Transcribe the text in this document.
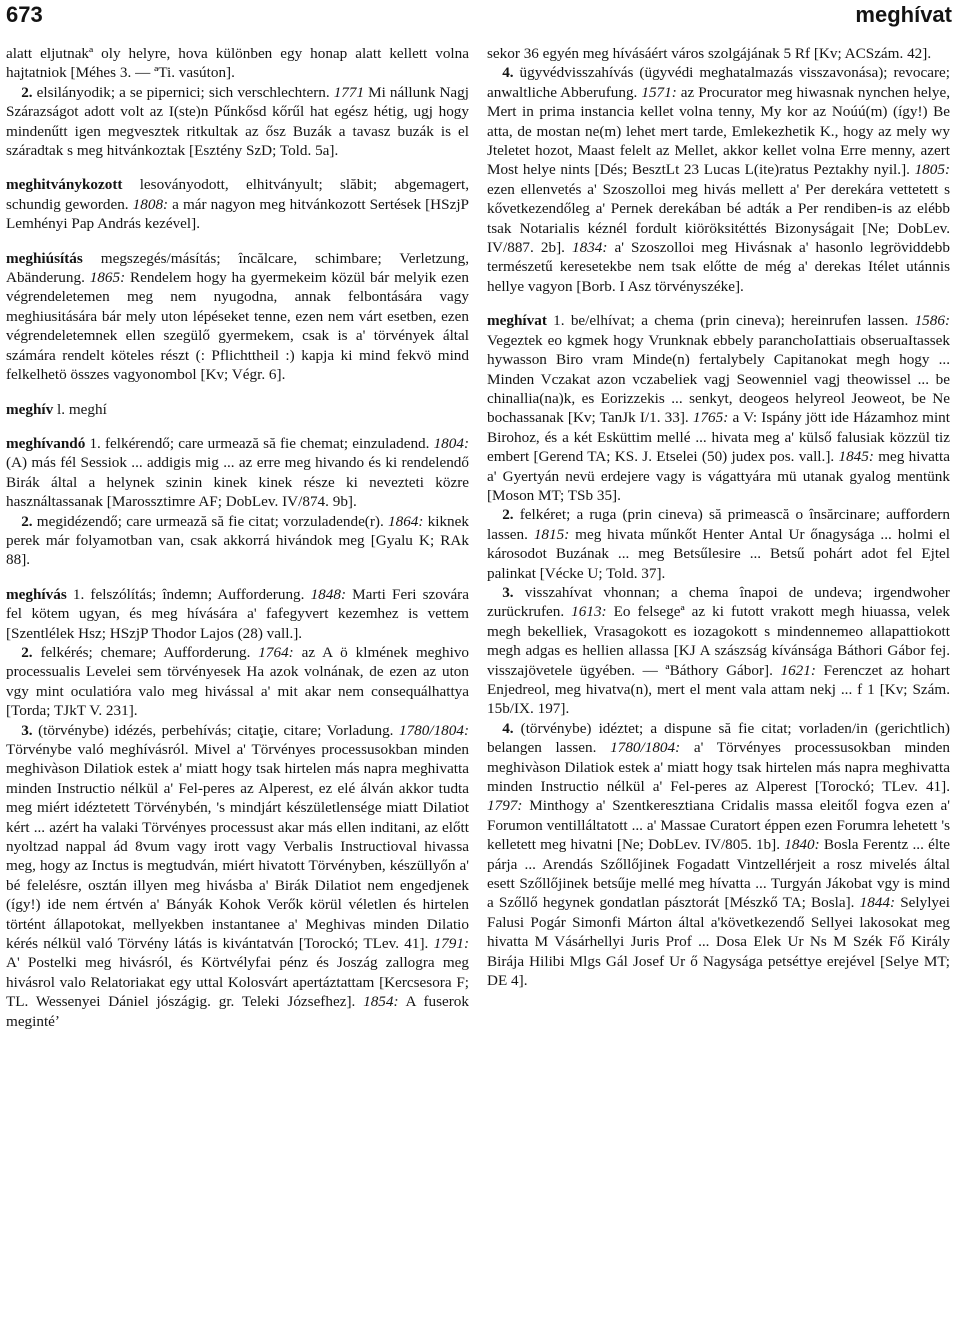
673	meghívat

alatt eljutnakª oly helyre, hova különben egy honap alatt kellett volna hajtatniok [Méhes 3. — ªTi. vasúton].
 2. elsilányodik; a se pipernici; sich verschlechtern. 1771 Mi nállunk Nagj Szárazságot adott volt az I(ste)n Pűnkősd kőrűl hat egész hétig, ugj hogy mindenűtt igen megvesztek ritkultak az ősz Buzák a tavasz buzák is el száradtak s meg hitvánkoztak [Eszténу SzD; Told. 5a].

meghitványkozott lesoványodott, elhitványult; slăbit; abgemagert, schundig geworden. 1808: a már nagyon meg hitvánkozott Sertések [HSzjP Lemhényi Pap András kezével].

meghiúsítás megszegés/másítás; încălcare, schimbare; Verletzung, Abänderung. 1865: Rendelem hogy ha gyermekeim közül bár melyik ezen végrendeletemen meg nem nyugodna, annak felbontására vagy meghiusitására bár mely uton lépéseket tenne, ezen nem várt esetben, ezen végrendeletemnek ellen szegülő gyermekem, csak is a' törvények által számára rendelt köteles részt (: Pflichttheil :) kapja ki mind fekvö mind felkelhetö összes vagyonombol [Kv; Végr. 6].

meghív l. meghí

meghívandó 1. felkérendő; care urmează să fie chemat; einzuladend. 1804: (A) más fél Sessiok ... addigis mig ... az erre meg hivando és ki rendelendő Birák által a helynek szinin kinek kinek része ki nevezteti közre használtassanak [Marossztimre AF; DobLev. IV/874. 9b].
 2. megidézendő; care urmează să fie citat; vorzuladende(r). 1864: kiknek perek már folyamotban van, csak akkorrá hivándok meg [Gyalu K; RAk 88].

meghívás 1. felszólítás; îndemn; Aufforderung. 1848: Marti Feri szovára fel kötem ugyan, és meg hívására a' fafegyvert kezemhez is vettem [Szentlélek Hsz; HSzjP Thodor Lajos (28) vall.].
 2. felkérés; chemare; Aufforderung. 1764: az A ö klmének meghivo processualis Levelei sem törvényesek Ha azok volnának, de ezen az uton vgy mint oculatióra valo meg hivással a' mit akar nem consequálhattya [Torda; TJkT V. 231].
 3. (törvénybe) idézés, perbehívás; citaţie, citare; Vorladung. 1780/1804: Törvénybe való meghívásról. Mivel a' Törvényes processusokban minden meghivàson Dilatiok estek a' miatt hogy tsak hirtelen más napra meghivatta minden Instructio nélkül a' Fel-peres az Alperest, ez elé álván akkor tudta meg miért idéztetett Törvénybén, 's mindjárt készületlensége miatt Dilatiot kért ... azért ha valaki Törvényes processust akar más ellen inditani, az előtt nyoltzad nappal ád 8vum vagy irott vagy Verbalis Instructioval hivassa meg, hogy az Inctus is megtudván, miért hivatott Törvényben, készüllyőn a' bé felelésre, osztán illyen meg hivásba a' Birák Dilatiot nem engedjenek (így!) ide nem értvén a' Bányák Kohok Verők körül véletlen és hirtelen történt állapotokat, mellyekben instantanee a' Meghivas minden Dilatio kérés nélkül való Törvény látás is kivántatván [Torockó; TLev. 41]. 1791: A' Postelki meg hivásról, és Körtvélyfai pénz és Joszág zallogra meg hivásrol valo Relatoriakat egy uttal Kolosvárt apertáztattam [Kercsesora F; TL. Wessenyei Dániel jószágig. gr. Teleki Józsefhez]. 1854: A fuserok megintéʼ

sekor 36 egyén meg hívásáért város szolgájának 5 Rf [Kv; ACSzám. 42].
 4. ügyvédvisszahívás (ügyvédi meghatalmazás visszavonása); revocare; anwaltliche Abberufung. 1571: az Procurator meg hiwasnak nynchen helye, Mert in prima instancia kellet volna tenny, My kor az Noúú(m) (így!) Be atta, de mostan ne(m) lehet mert tarde, Emlekezhetik K., hogy az mely wy Jteletet hozot, Maast felelt az Mellet, akkor kellet volna Erre menny, azert Most helye nints [Dés; BesztLt 23 Lucas L(ite)ratus Peztakhy nyil.]. 1805: ezen ellenvetés a' Szoszolloi meg hivás mellett a' Per derekára vettetett s kővetkezendőleg a' Pernek derekában bé adták a Per rendiben-is az elébb tsak Notarialis kéznél fordult kiöröksitéttés Bizonyságait [Ne; DobLev. IV/887. 2b]. 1834: a' Szoszolloi meg Hivásnak a' hasonlo legröviddebb természetű keresetekbe nem tsak előtte de még a' derekas Itélet utánnis hellye vagyon [Borb. I Asz törvényszéke].

meghívat 1. be/elhívat; a chema (prin cineva); hereinrufen lassen. 1586: Vegeztek eo kgmek hogy Vrunknak ebbely paranchoIattiais obseruaItassek hywasson Biro vram Minde(n) fertalybely Capitanokat megh hogy ... Minden Vczakat azon vczabeliek vagj Seowenniel vagj theowissel ... be chinallia(na)k, es Eorizzekis ... senkyt, deogeos helyreol Jeoweot, be Ne bochassanak [Kv; TanJk I/1. 33]. 1765: a V: Ispány jött ide Házamhoz mint Birohoz, és a két Esküttim mellé ... hivata meg a' külső falusiak közzül tiz embert [Gerend TA; KS. J. Etselei (50) judex pos. vall.]. 1845: meg hivatta a' Gyertyán nevü erdejere vagy is vágattyára mü utanak gyalog mentünk [Moson MT; TSb 35].
 2. felkéret; a ruga (prin cineva) să primească o însărcinare; auffordern lassen. 1815: meg hivata műnkőt Henter Antal Ur őnagysága ... holmi el károsodot Buzának ... meg Betsűlesire ... Betsű pohárt adot fel Ejtel palinkat [Vécke U; Told. 37].
 3. visszahívat vhonnan; a chema înapoi de undeva; irgendwoher zurückrufen. 1613: Eo felsegeª az ki futott vrakott megh hiuassa, velek megh bekelliek, Vrasagokott es iozagokott s mindennemeo allapattiokott megh adgas es hellien allassa [KJ A szászság kívánsága Báthori Gábor fej. visszajövetele ügyében. — ªBáthory Gábor]. 1621: Ferenczet az hohart Enjedreol, meg hivatva(n), mert el ment vala attam nekj ... f 1 [Kv; Szám. 15b/IX. 197].
 4. (törvénybe) idéztet; a dispune să fie citat; vorladen/in (gerichtlich) belangen lassen. 1780/1804: a' Törvényes processusokban minden meghivàson Dilatiok estek a' miatt hogy tsak hirtelen más napra meghivatta minden Instructio nélkül a' Fel-peres az Alperest [Torockó; TLev. 41]. 1797: Minthogy a' Szentkeresztiana Cridalis massa eleitől fogva ezen a' Forumon ventilláltatott ... a' Massae Curatort éppen ezen Forumra lehetett 's kelletett meg hivatni [Ne; DobLev. IV/805. 1b]. 1840: Bosla Ferentz ... élte párja ... Arendás Szőllőjinek Fogadatt Vintzellérjeit a rosz mivelés által esett Szőllőjinek betsűje mellé meg hívatta ... Turgyán Jákobat vgy is mind a Szőllő hegynek gondatlan pásztorát [Mészkő TA; Bosla]. 1844: Selylyei Falusi Pogár Simonfi Márton által a'következendő Sellyei lakosokat meg hivatta M Vásárhellyi Juris Prof ... Dosa Elek Ur Ns M Szék Fő Király Birája Hilibi Mlgs Gál Josef Ur ő Nagysága petséttye erejével [Selye MT; DE 4].
